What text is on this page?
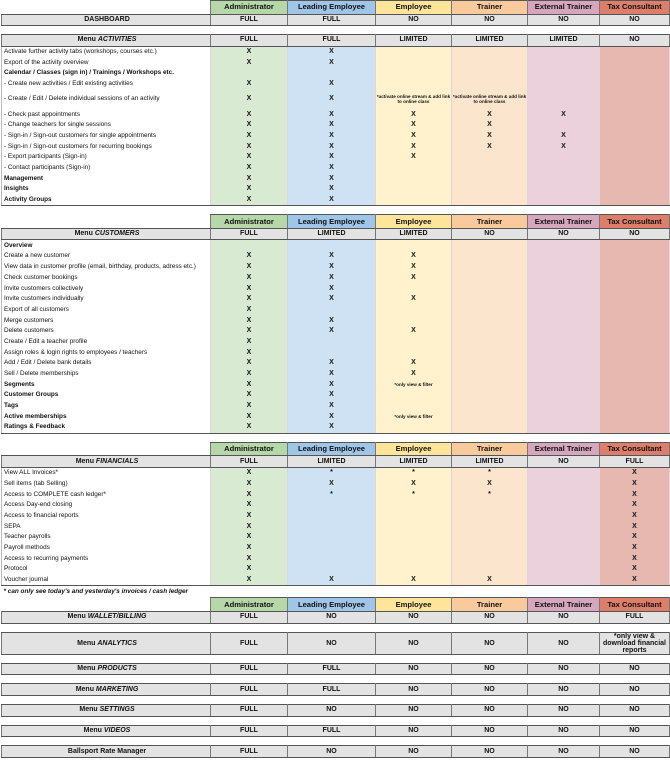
	Administrator	Leading Employee	Employee	Trainer	External Trainer	Tax Consultant
DASHBOARD	FULL	FULL	NO	NO	NO	NO

Menu ACTIVITIES	FULL	FULL	LIMITED	LIMITED	LIMITED	NO
Activate further activity tabs (workshops, courses etc.)	X	X				
Export of the activity overview	X	X				
Calendar / Classes (sign in) / Trainings / Workshops etc.						
- Create new activities / Edit existing activities	X	X				
- Create / Edit / Delete individual sessions of an activity	X	X	*activate online stream & add link to online class	*activate online stream & add link to online class		
- Check past appointments	X	X	X	X	X	
- Change teachers for single sessions	X	X	X	X		
- Sign-in / Sign-out customers for single appointments	X	X	X	X	X	
- Sign-in / Sign-out customers for recurring bookings	X	X	X	X	X	
- Export participants (Sign-in)	X	X	X			
- Contact participants (Sign-in)	X	X				
Management	X	X				
Insights	X	X				
Activity Groups	X	X				

	Administrator	Leading Employee	Employee	Trainer	External Trainer	Tax Consultant
Menu CUSTOMERS	FULL	LIMITED	LIMITED	NO	NO	NO
Overview						
Create a new customer	X	X	X			
View data in customer profile (email, birthday, products, adress etc.)	X	X	X			
Check customer bookings	X	X	X			
Invite customers collectively	X	X				
Invite customers individually	X	X	X			
Export of all customers	X					
Merge customers	X	X				
Delete customers	X	X	X			
Create / Edit a teacher profile	X					
Assign roles & login rights to employees / teachers	X					
Add / Edit / Delete bank details	X	X	X			
Sell / Delete memberships	X	X	X			
Segments	X	X	*only view & filter			
Customer Groups	X	X				
Tags	X	X				
Active memberships	X	X	*only view & filter			
Ratings & Feedback	X	X				

	Administrator	Leading Employee	Employee	Trainer	External Trainer	Tax Consultant
Menu FINANCIALS	FULL	LIMITED	LIMITED	LIMITED	NO	FULL
View ALL Invoices*	X	*	*	*		X
Sell items (tab Selling)	X	X	X	X		X
Access to COMPLETE cash ledger*	X	*	*	*		X
Access Day-end closing	X					X
Access to financial reports	X					X
SEPA	X					X
Teacher payrolls	X					X
Payroll methods	X					X
Access to recurring payments	X					X
Protocol	X					X
Voucher journal	X	X	X	X		X
* can only see today's and yesterday's invoices / cash ledger						
	Administrator	Leading Employee	Employee	Trainer	External Trainer	Tax Consultant
Menu WALLET/BILLING	FULL	NO	NO	NO	NO	FULL

Menu ANALYTICS	FULL	NO	NO	NO	NO	*only view & download financial reports

Menu PRODUCTS	FULL	FULL	NO	NO	NO	NO

Menu MARKETING	FULL	FULL	NO	NO	NO	NO

Menu SETTINGS	FULL	NO	NO	NO	NO	NO

Menu VIDEOS	FULL	FULL	NO	NO	NO	NO

Ballsport Rate Manager	FULL	NO	NO	NO	NO	NO
